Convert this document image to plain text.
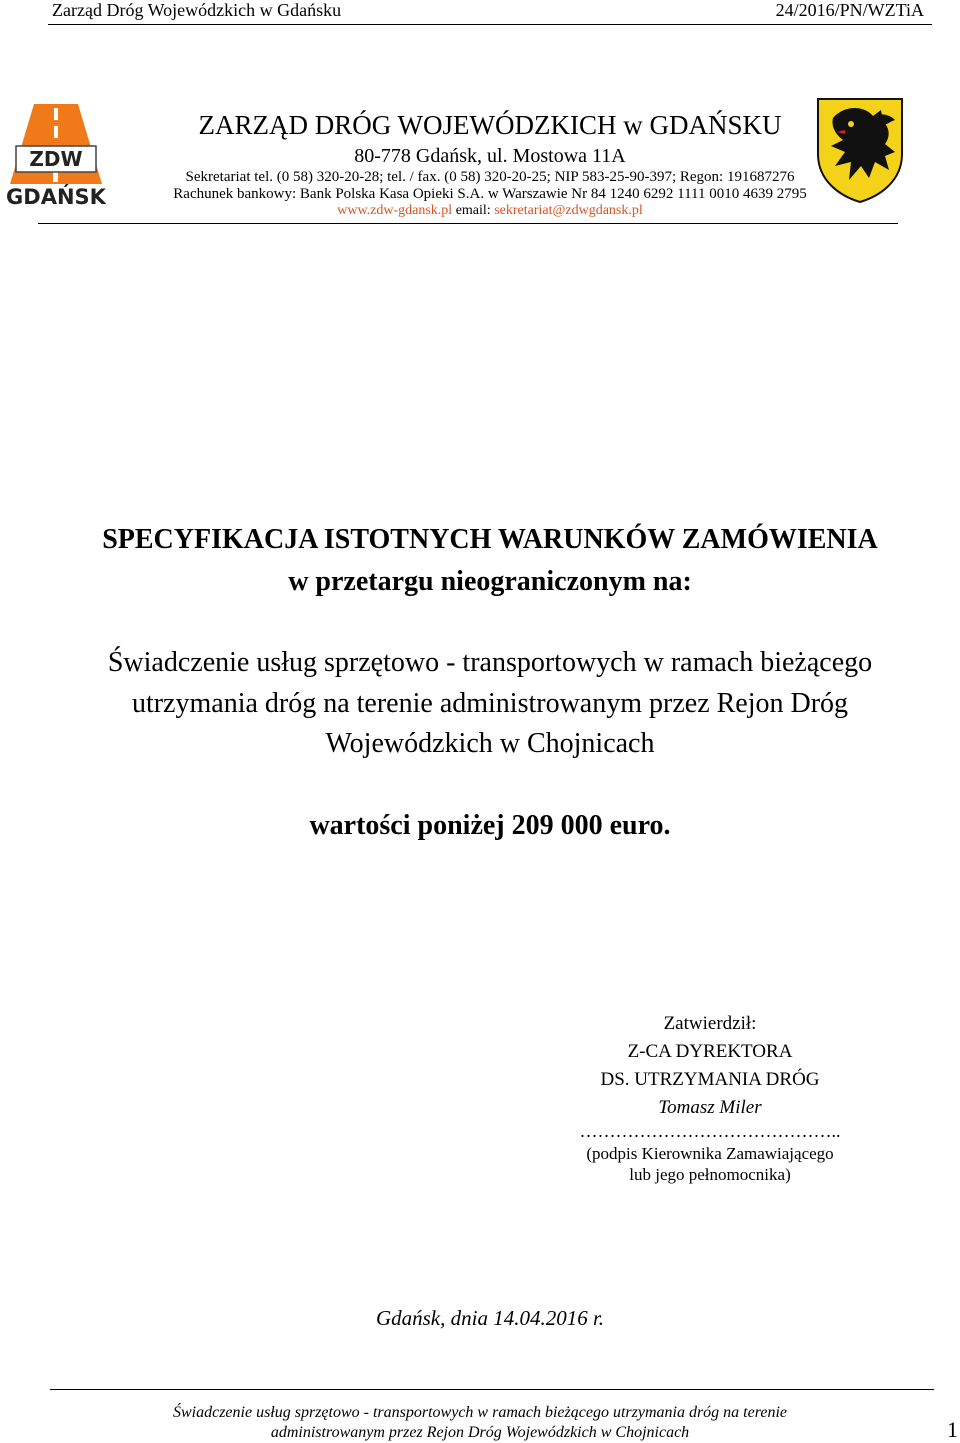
Zarząd Dróg Wojewódzkich w Gdańsku	24/2016/PN/WZTiA
ZDW
GDAŃSK
ZARZĄD DRÓG WOJEWÓDZKICH w GDAŃSKU
80-778 Gdańsk, ul. Mostowa 11A
Sekretariat tel. (0 58) 320-20-28; tel. / fax. (0 58) 320-20-25; NIP 583-25-90-397; Regon: 191687276
Rachunek bankowy: Bank Polska Kasa Opieki S.A. w Warszawie Nr 84 1240 6292 1111 0010 4639 2795
www.zdw-gdansk.pl email: sekretariat@zdwgdansk.pl
SPECYFIKACJA ISTOTNYCH WARUNKÓW ZAMÓWIENIA
w przetargu nieograniczonym na:
Świadczenie usług sprzętowo - transportowych w ramach bieżącego
utrzymania dróg na terenie administrowanym przez Rejon Dróg
Wojewódzkich w Chojnicach
wartości poniżej 209 000 euro.
Zatwierdził:
Z-CA DYREKTORA
DS. UTRZYMANIA DRÓG
Tomasz Miler
……………………………………..
(podpis Kierownika Zamawiającego
lub jego pełnomocnika)
Gdańsk, dnia 14.04.2016 r.
Świadczenie usług sprzętowo - transportowych w ramach bieżącego utrzymania dróg na terenie
administrowanym przez Rejon Dróg Wojewódzkich w Chojnicach	1
